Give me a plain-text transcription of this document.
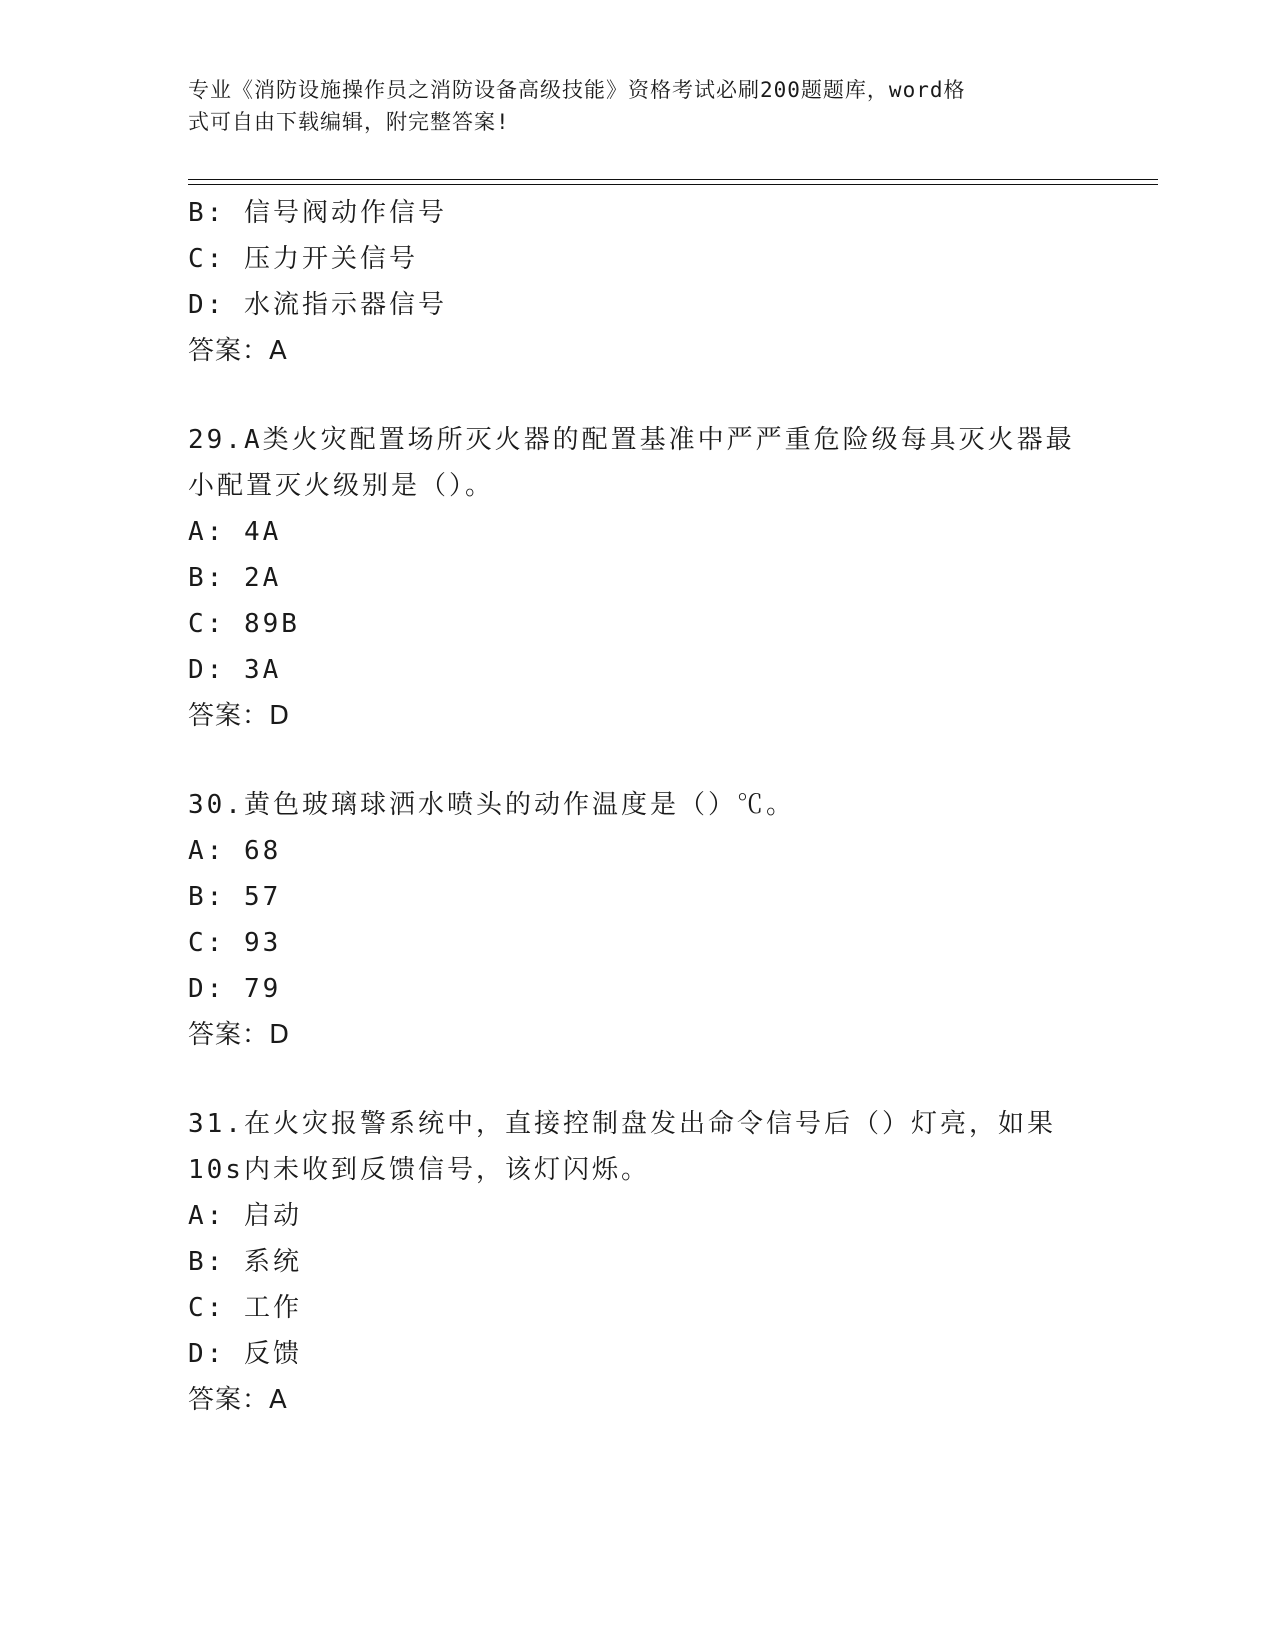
专业《消防设施操作员之消防设备高级技能》资格考试必刷200题题库，word格
式可自由下载编辑，附完整答案!

B: 信号阀动作信号

C: 压力开关信号

D: 水流指示器信号

答案：A

29.A类火灾配置场所灭火器的配置基准中严严重危险级每具灭火器最

小配置灭火级别是（）。

A: 4A

B: 2A

C: 89B

D: 3A

答案：D

30.黄色玻璃球洒水喷头的动作温度是（）℃。

A: 68

B: 57

C: 93

D: 79

答案：D

31.在火灾报警系统中，直接控制盘发出命令信号后（）灯亮，如果

10s内未收到反馈信号，该灯闪烁。

A: 启动

B: 系统

C: 工作

D: 反馈

答案：A
